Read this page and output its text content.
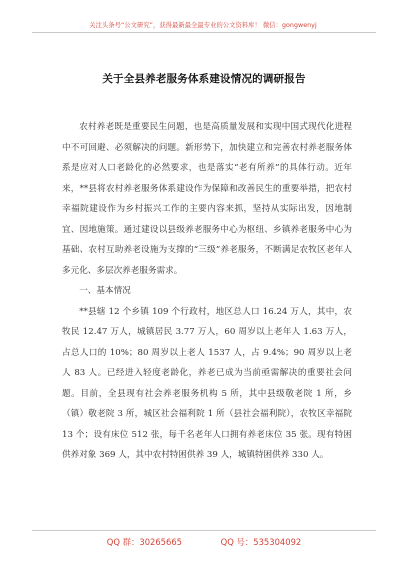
关注头条号“公文研究”，获得最新最全最专业的公文资料库！ 微信：gongwenyj
关于全县养老服务体系建设情况的调研报告

农村养老既是重要民生问题，也是高质量发展和实现中国式现代化进程中不可回避、必须解决的问题。新形势下，加快建立和完善农村养老服务体系是应对人口老龄化的必然要求，也是落实“老有所养”的具体行动。近年来，**县将农村养老服务体系建设作为保障和改善民生的重要举措，把农村幸福院建设作为乡村振兴工作的主要内容来抓，坚持从实际出发，因地制宜、因地施策。通过建设以县级养老服务中心为枢纽、乡镇养老服务中心为基础、农村互助养老设施为支撑的“三级”养老服务，不断满足农牧区老年人多元化、多层次养老服务需求。

一、基本情况

**县辖 12 个乡镇 109 个行政村，地区总人口 16.24 万人，其中，农牧民 12.47 万人，城镇居民 3.77 万人，60 周岁以上老年人 1.63 万人，占总人口的 10%；80 周岁以上老人 1537 人，占 9.4%；90 周岁以上老人 83 人。已经进入轻度老龄化，养老已成为当前亟需解决的重要社会问题。目前，全县现有社会养老服务机构 5 所，其中县级敬老院 1 所，乡（镇）敬老院 3 所，城区社会福利院 1 所（县社会福利院），农牧区幸福院 13 个；设有床位 512 张，每千名老年人口拥有养老床位 35 张。现有特困供养对象 369 人，其中农村特困供养 39 人，城镇特困供养 330 人。

QQ 群：30265665	QQ 号：535304092
